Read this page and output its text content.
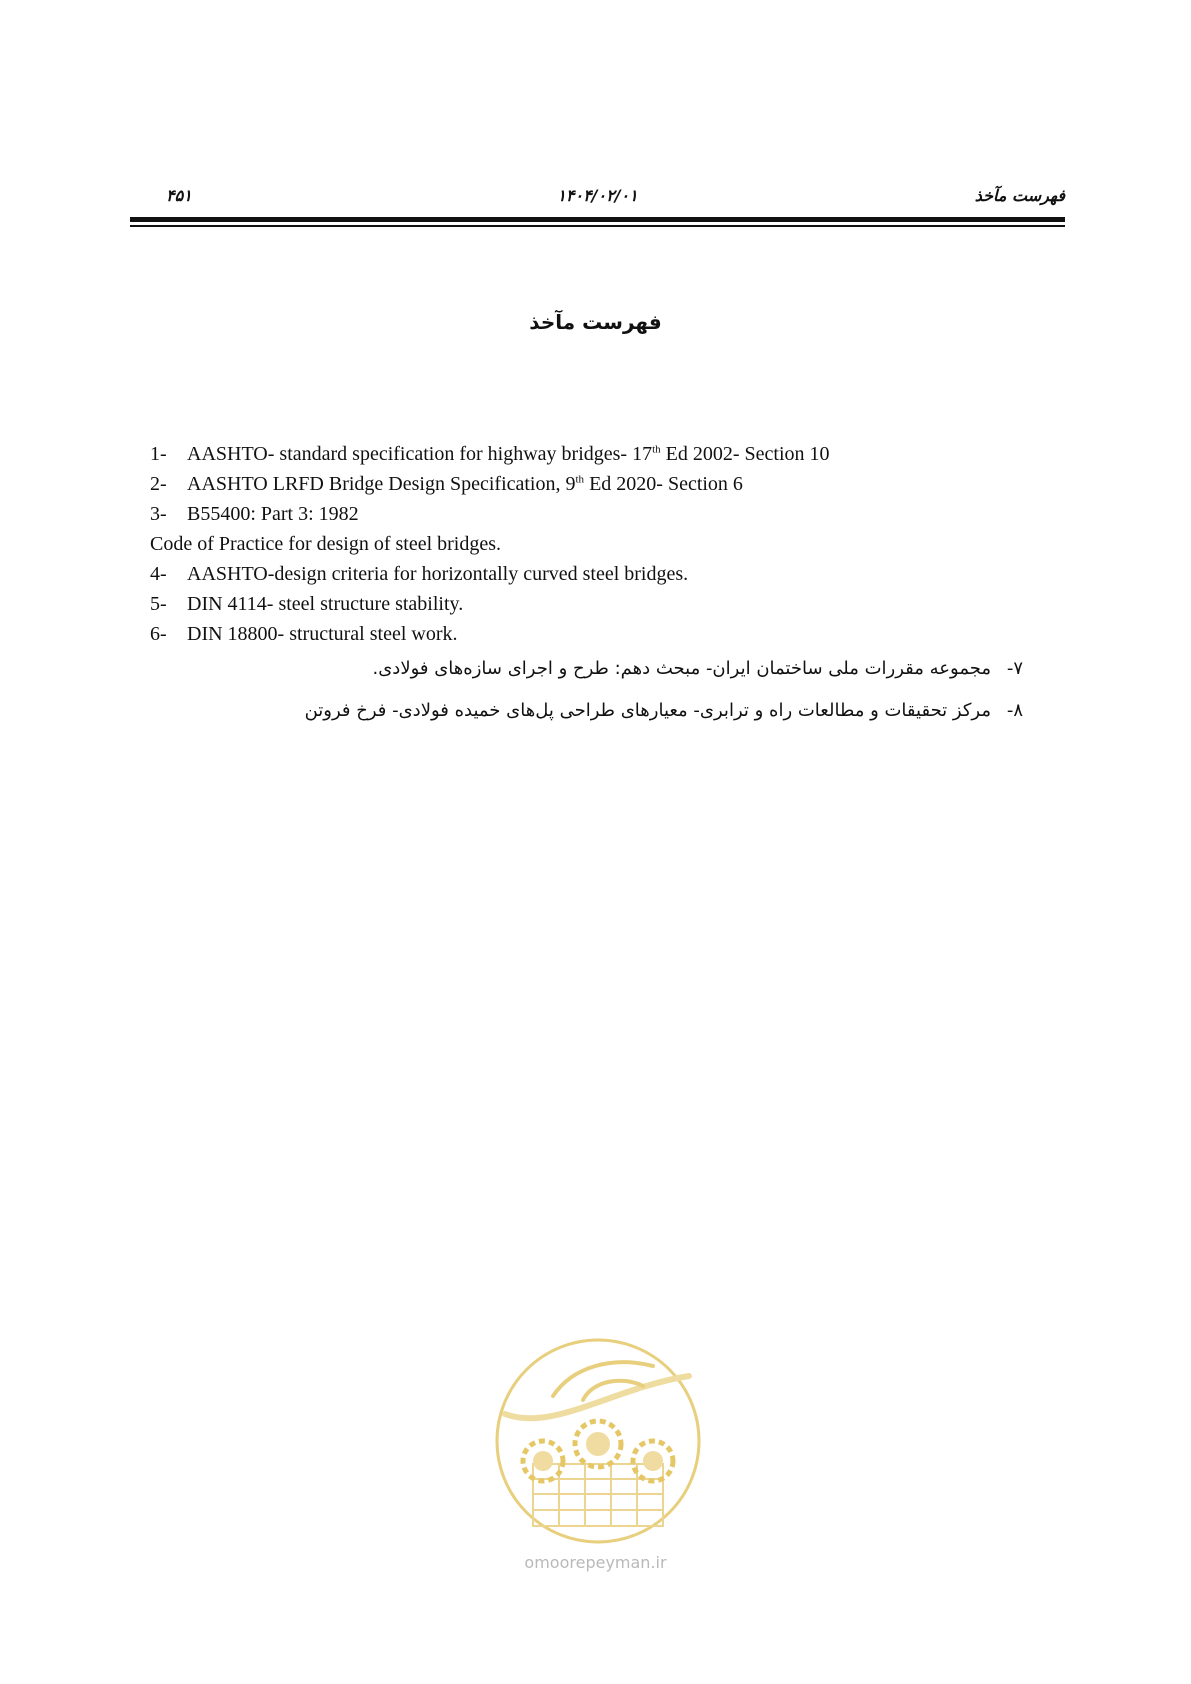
۴۵۱	۱۴۰۴/۰۲/۰۱	فهرست مآخذ
فهرست مآخذ
1-	AASHTO- standard specification for highway bridges- 17th Ed 2002- Section 10
2-	AASHTO LRFD Bridge Design Specification, 9th Ed 2020- Section 6
3-	B55400: Part 3: 1982
Code of Practice for design of steel bridges.
4-	AASHTO-design criteria for horizontally curved steel bridges.
5-	DIN 4114- steel structure stability.
6-	DIN 18800- structural steel work.
۷-مجموعه مقررات ملی ساختمان ایران- مبحث دهم: طرح و اجرای سازه‌های فولادی.
۸-مرکز تحقیقات و مطالعات راه و ترابری- معیارهای طراحی پل‌های خمیده فولادی- فرخ فروتن
omoorepeyman.ir
